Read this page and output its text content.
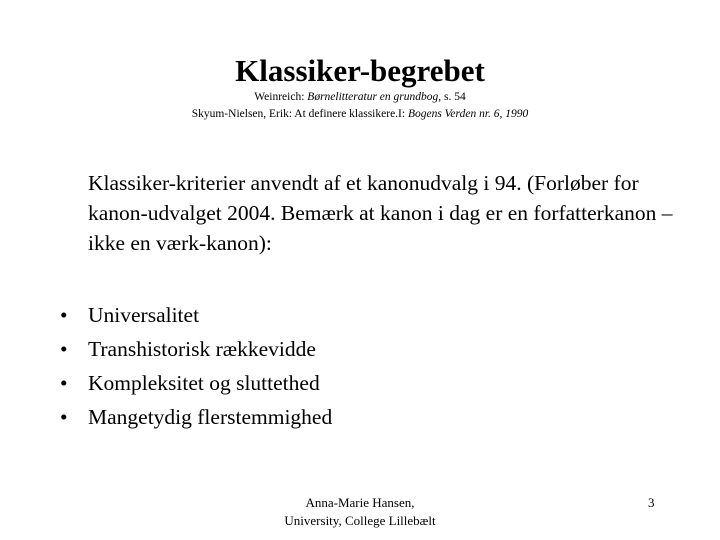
Klassiker-begrebet
Weinreich: Børnelitteratur en grundbog, s. 54
Skyum-Nielsen, Erik: At definere klassikere.I: Bogens Verden nr. 6, 1990
Klassiker-kriterier anvendt af et kanonudvalg i 94. (Forløber for kanon-udvalget 2004. Bemærk at kanon i dag er en forfatterkanon – ikke en værk-kanon):
• Universalitet
• Transhistorisk rækkevidde
• Kompleksitet og sluttethed
• Mangetydig flerstemmighed
Anna-Marie Hansen,
University, College Lillebælt
3
